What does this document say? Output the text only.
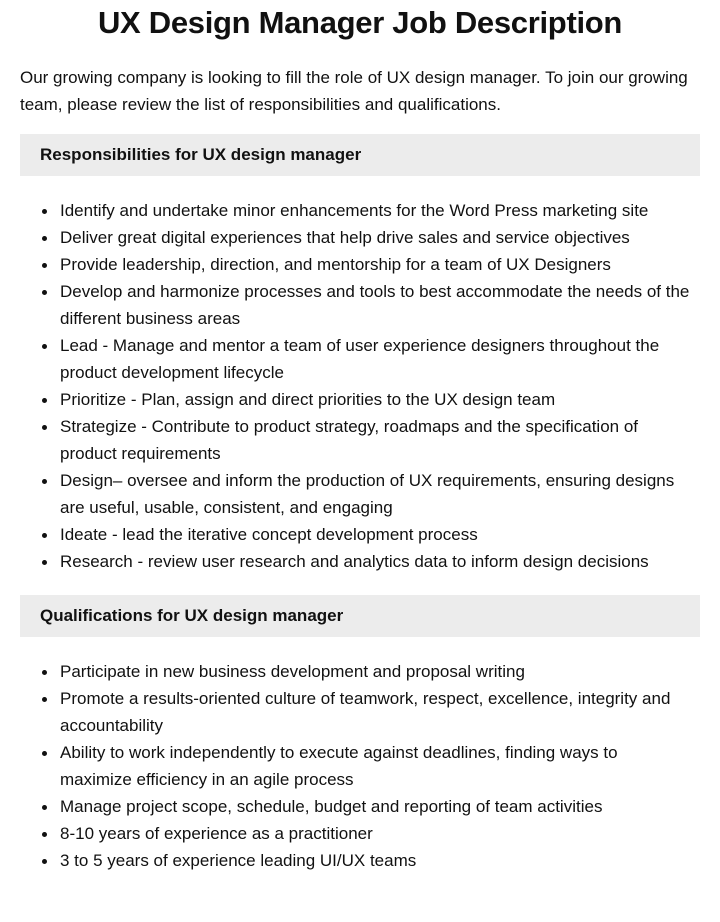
UX Design Manager Job Description

Our growing company is looking to fill the role of UX design manager. To join our growing team, please review the list of responsibilities and qualifications.

Responsibilities for UX design manager
Identify and undertake minor enhancements for the Word Press marketing site
Deliver great digital experiences that help drive sales and service objectives
Provide leadership, direction, and mentorship for a team of UX Designers
Develop and harmonize processes and tools to best accommodate the needs of the different business areas
Lead - Manage and mentor a team of user experience designers throughout the product development lifecycle
Prioritize - Plan, assign and direct priorities to the UX design team
Strategize - Contribute to product strategy, roadmaps and the specification of product requirements
Design– oversee and inform the production of UX requirements, ensuring designs are useful, usable, consistent, and engaging
Ideate - lead the iterative concept development process
Research - review user research and analytics data to inform design decisions
Qualifications for UX design manager
Participate in new business development and proposal writing
Promote a results-oriented culture of teamwork, respect, excellence, integrity and accountability
Ability to work independently to execute against deadlines, finding ways to maximize efficiency in an agile process
Manage project scope, schedule, budget and reporting of team activities
8-10 years of experience as a practitioner
3 to 5 years of experience leading UI/UX teams
